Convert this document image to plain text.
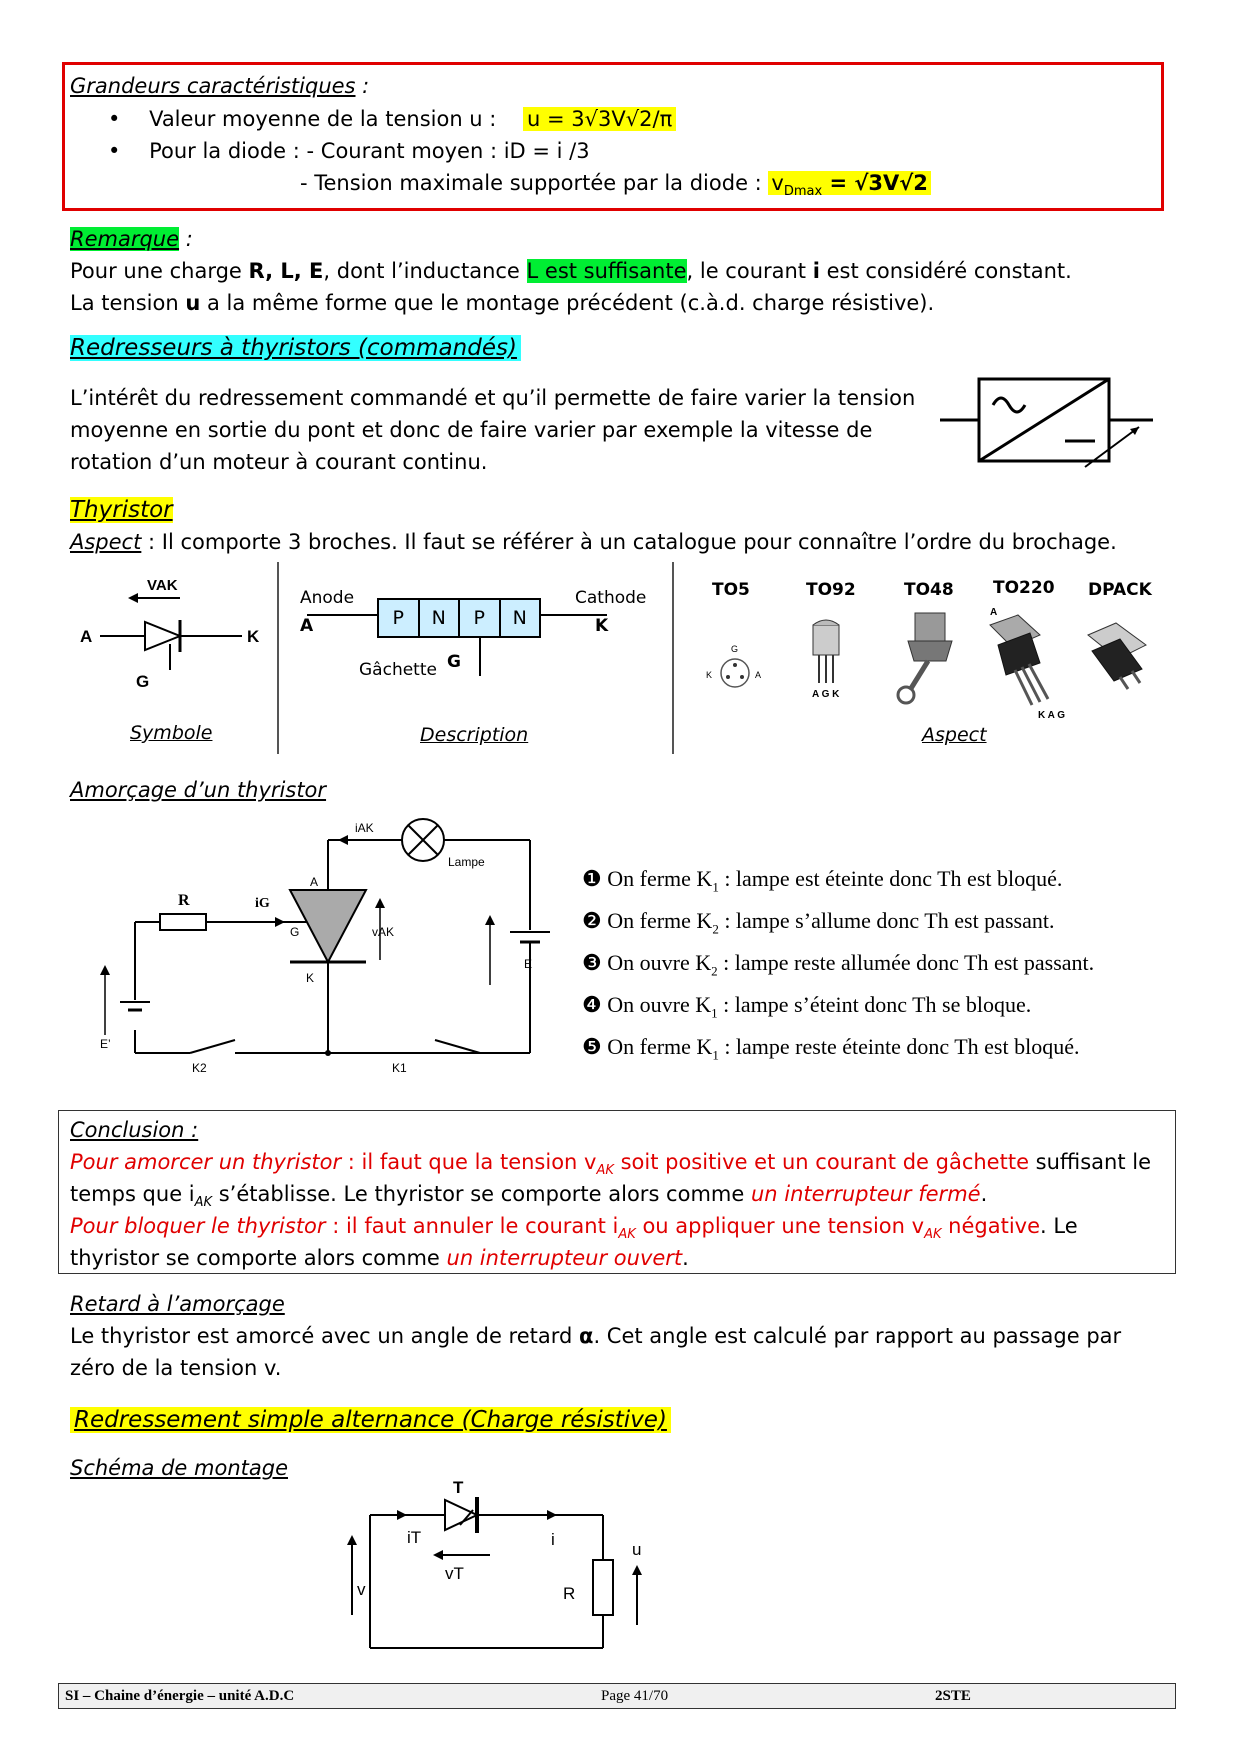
Grandeurs caractéristiques :
• Valeur moyenne de la tension u : u = 3√3V√2/π
• Pour la diode : - Courant moyen : iD = i /3
- Tension maximale supportée par la diode : $v_{Dmax} = √3V√2$
Remarque :
Pour une charge R, L, E, dont l’inductance L est suffisante, le courant i est considéré constant.
La tension u a la même forme que le montage précédent (c.à.d. charge résistive).
Redresseurs à thyristors (commandés)
L’intérêt du redressement commandé et qu’il permette de faire varier la tension
moyenne en sortie du pont et donc de faire varier par exemple la vitesse de
rotation d’un moteur à courant continu.
Thyristor
Aspect : Il comporte 3 broches. Il faut se référer à un catalogue pour connaître l’ordre du brochage.
VAK
A	K
G
Symbole
Anode
A
Cathode
K
P	N	P	N
Gâchette G
Description
TO5	TO92	TO48 TO220 DPACK
G
K	A
A G K
A
K A G
Aspect
Amorçage d’un thyristor
R	iG
iAK
Lampe
A
G
K
vAK
E
E’
K2	K1
❶ On ferme $K_1$ : lampe est éteinte donc Th est bloqué.
❷ On ferme $K_2$ : lampe s’allume donc Th est passant.
❸ On ouvre $K_2$ : lampe reste allumée donc Th est passant.
❹ On ouvre $K_1$ : lampe s’éteint donc Th se bloque.
❺ On ferme $K_1$ : lampe reste éteinte donc Th est bloqué.
Conclusion :
Pour amorcer un thyristor : il faut que la tension $v_{AK}$ soit positive et un courant de gâchette suffisant le
temps que $i_{AK}$ s’établisse. Le thyristor se comporte alors comme un interrupteur fermé.
Pour bloquer le thyristor : il faut annuler le courant $i_{AK}$ ou appliquer une tension $v_{AK}$ négative. Le
thyristor se comporte alors comme un interrupteur ouvert.
Retard à l’amorçage
Le thyristor est amorcé avec un angle de retard α. Cet angle est calculé par rapport au passage par
zéro de la tension v.
Redressement simple alternance (Charge résistive)
Schéma de montage
T
iT	i
v
vT
R
u
SI – Chaine d’énergie – unité A.D.C	Page 41/70	2STE
